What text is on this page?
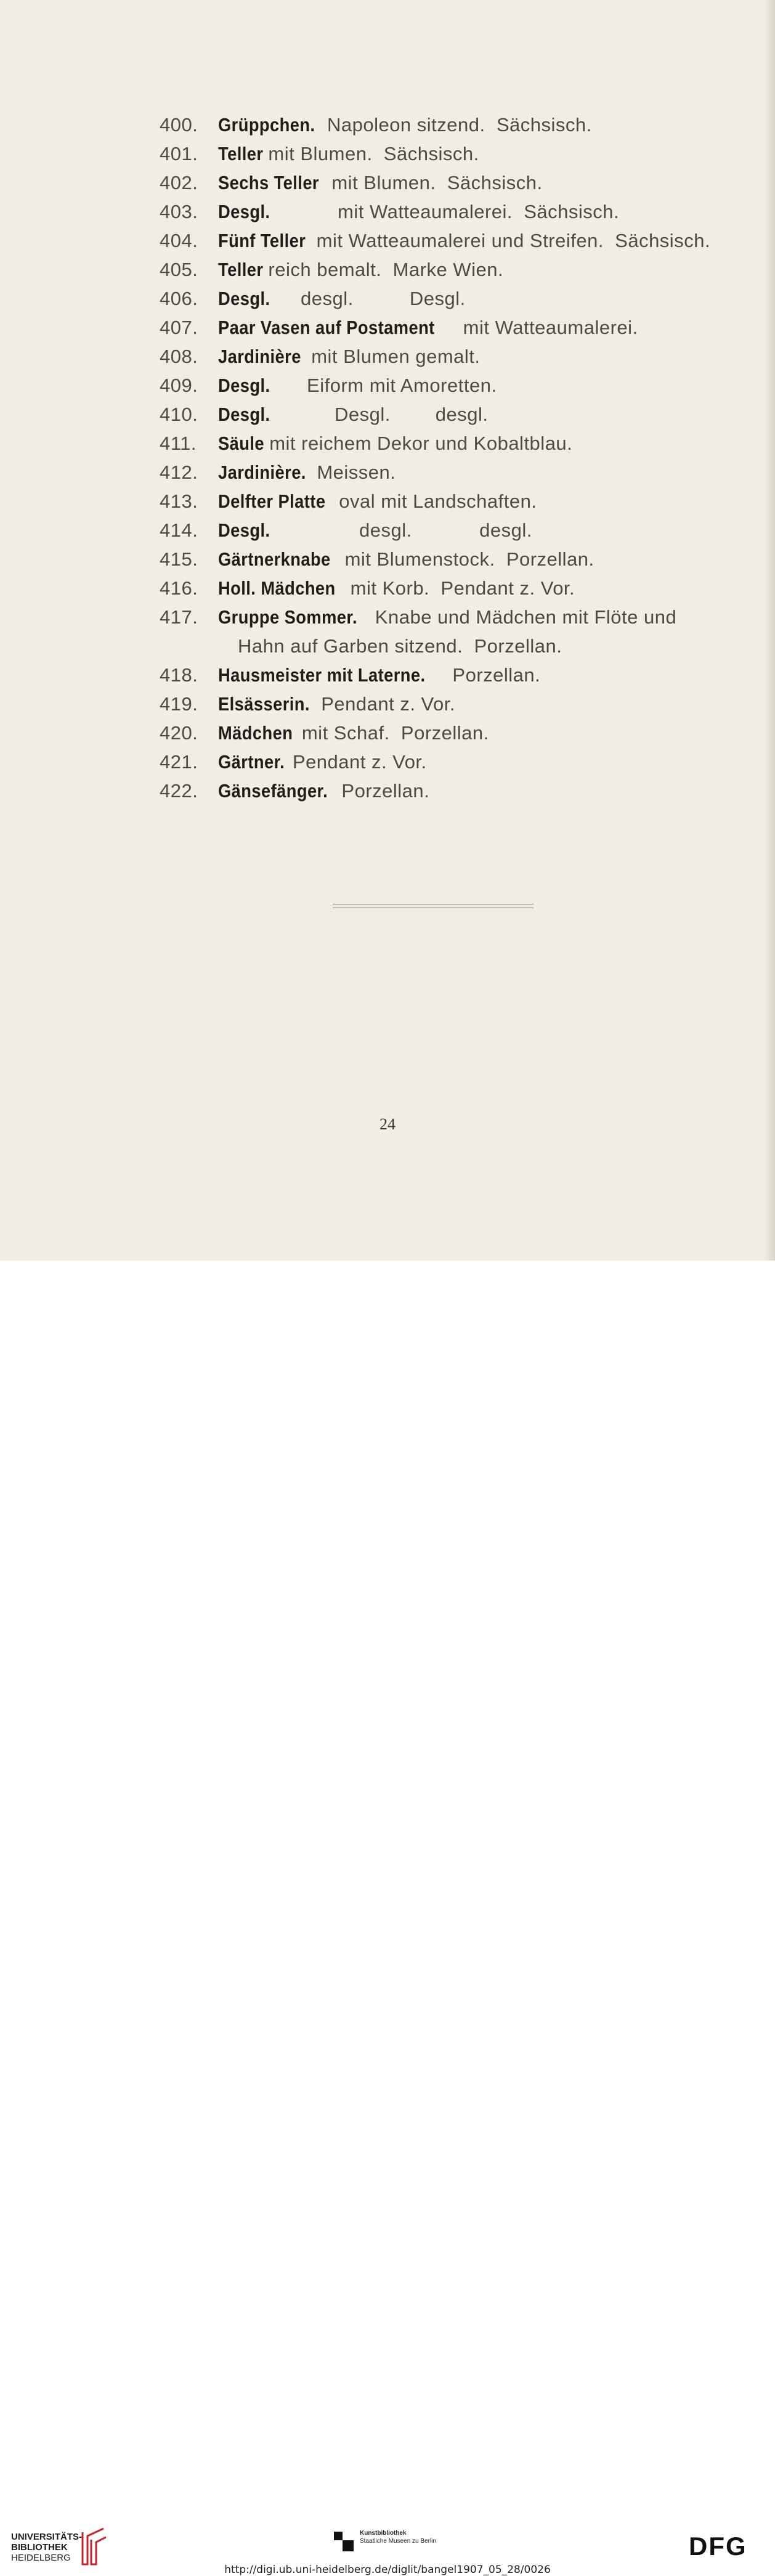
400. Grüppchen. Napoleon sitzend.  Sächsisch.
401. Teller mit Blumen.  Sächsisch.
402. Sechs Teller mit Blumen.  Sächsisch.
403. Desgl.	mit Watteaumalerei.  Sächsisch.
404. Fünf Teller mit Watteaumalerei und Streifen.  Sächsisch.
405. Teller reich bemalt.  Marke Wien.
406. Desgl. desgl.          Desgl.
407. Paar Vasen auf Postament mit Watteaumalerei.
408. Jardinière mit Blumen gemalt.
409. Desgl. Eiform mit Amoretten.
410. Desgl.	Desgl.        desgl.
411. Säule mit reichem Dekor und Kobaltblau.
412. Jardinière. Meissen.
413. Delfter Platte oval mit Landschaften.
414. Desgl.	desgl.            desgl.
415. Gärtnerknabe mit Blumenstock.  Porzellan.
416. Holl. Mädchen mit Korb.  Pendant z. Vor.
417. Gruppe Sommer. Knabe und Mädchen mit Flöte und
Hahn auf Garben sitzend.  Porzellan.
418. Hausmeister mit Laterne. Porzellan.
419. Elsässerin. Pendant z. Vor.
420. Mädchen mit Schaf.  Porzellan.
421. Gärtner. Pendant z. Vor.
422. Gänsefänger. Porzellan.
24
UNIVERSITÄTS-
BIBLIOTHEK
HEIDELBERG
Kunstbibliothek
Staatliche Museen zu Berlin	DFG
http://digi.ub.uni-heidelberg.de/diglit/bangel1907_05_28/0026
